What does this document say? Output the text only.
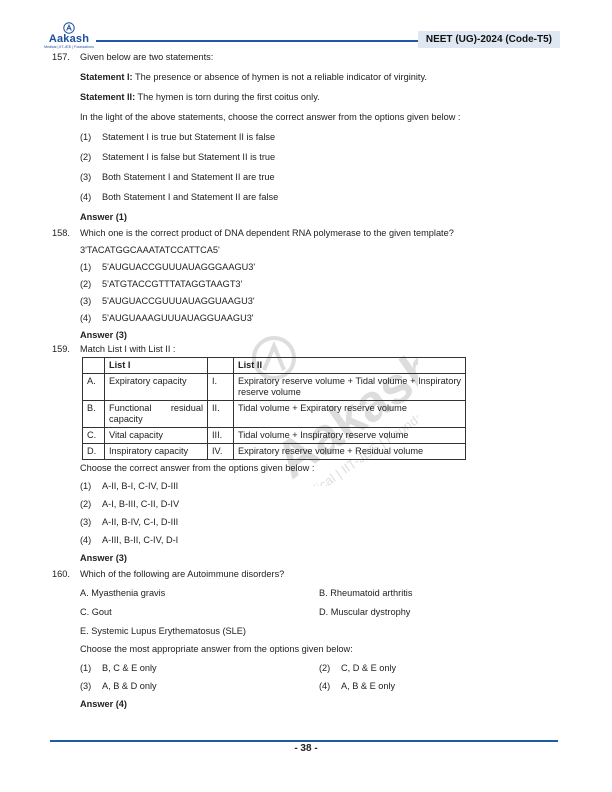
Aakash
Medical | IIT-JEE | Foundations
NEET (UG)-2024 (Code-T5)
Aakash
| IIT-JEE | Foundations
157.	Given below are two statements:

Statement I: The presence or absence of hymen is not a reliable indicator of virginity.

Statement II: The hymen is torn during the first coitus only.

In the light of the above statements, choose the correct answer from the options given below :

(1)	Statement I is true but Statement II is false
(2)	Statement I is false but Statement II is true
(3)	Both Statement I and Statement II are true
(4)	Both Statement I and Statement II are false

Answer (1)

158.	Which one is the correct product of DNA dependent RNA polymerase to the given template?

3'TACATGGCAAATATCCATTCA5'

(1)	5'AUGUACCGUUUAUAGGGAAGU3'
(2)	5'ATGTACCGTTTATAGGTAAGT3'
(3)	5'AUGUACCGUUUAUAGGUAAGU3'
(4)	5'AUGUAAAGUUUAUAGGUAAGU3'

Answer (3)

159.	Match List I with List II :

	List I		List II
A.	Expiratory capacity	I.	Expiratory reserve volume + Tidal volume + Inspiratory reserve volume
B.	Functional residual capacity	II.	Tidal volume + Expiratory reserve volume
C.	Vital capacity	III.	Tidal volume + Inspiratory reserve volume
D.	Inspiratory capacity	IV.	Expiratory reserve volume + Residual volume

Choose the correct answer from the options given below :

(1)	A-II, B-I, C-IV, D-III
(2)	A-I, B-III, C-II, D-IV
(3)	A-II, B-IV, C-I, D-III
(4)	A-III, B-II, C-IV, D-I

Answer (3)

160.	Which of the following are Autoimmune disorders?

A. Myasthenia gravis	B. Rheumatoid arthritis
C. Gout	D. Muscular dystrophy

E. Systemic Lupus Erythematosus (SLE)

Choose the most appropriate answer from the options given below:

(1)	B, C & E only	(2)	C, D & E only
(3)	A, B & D only	(4)	A, B & E only

Answer (4)

- 38 -
